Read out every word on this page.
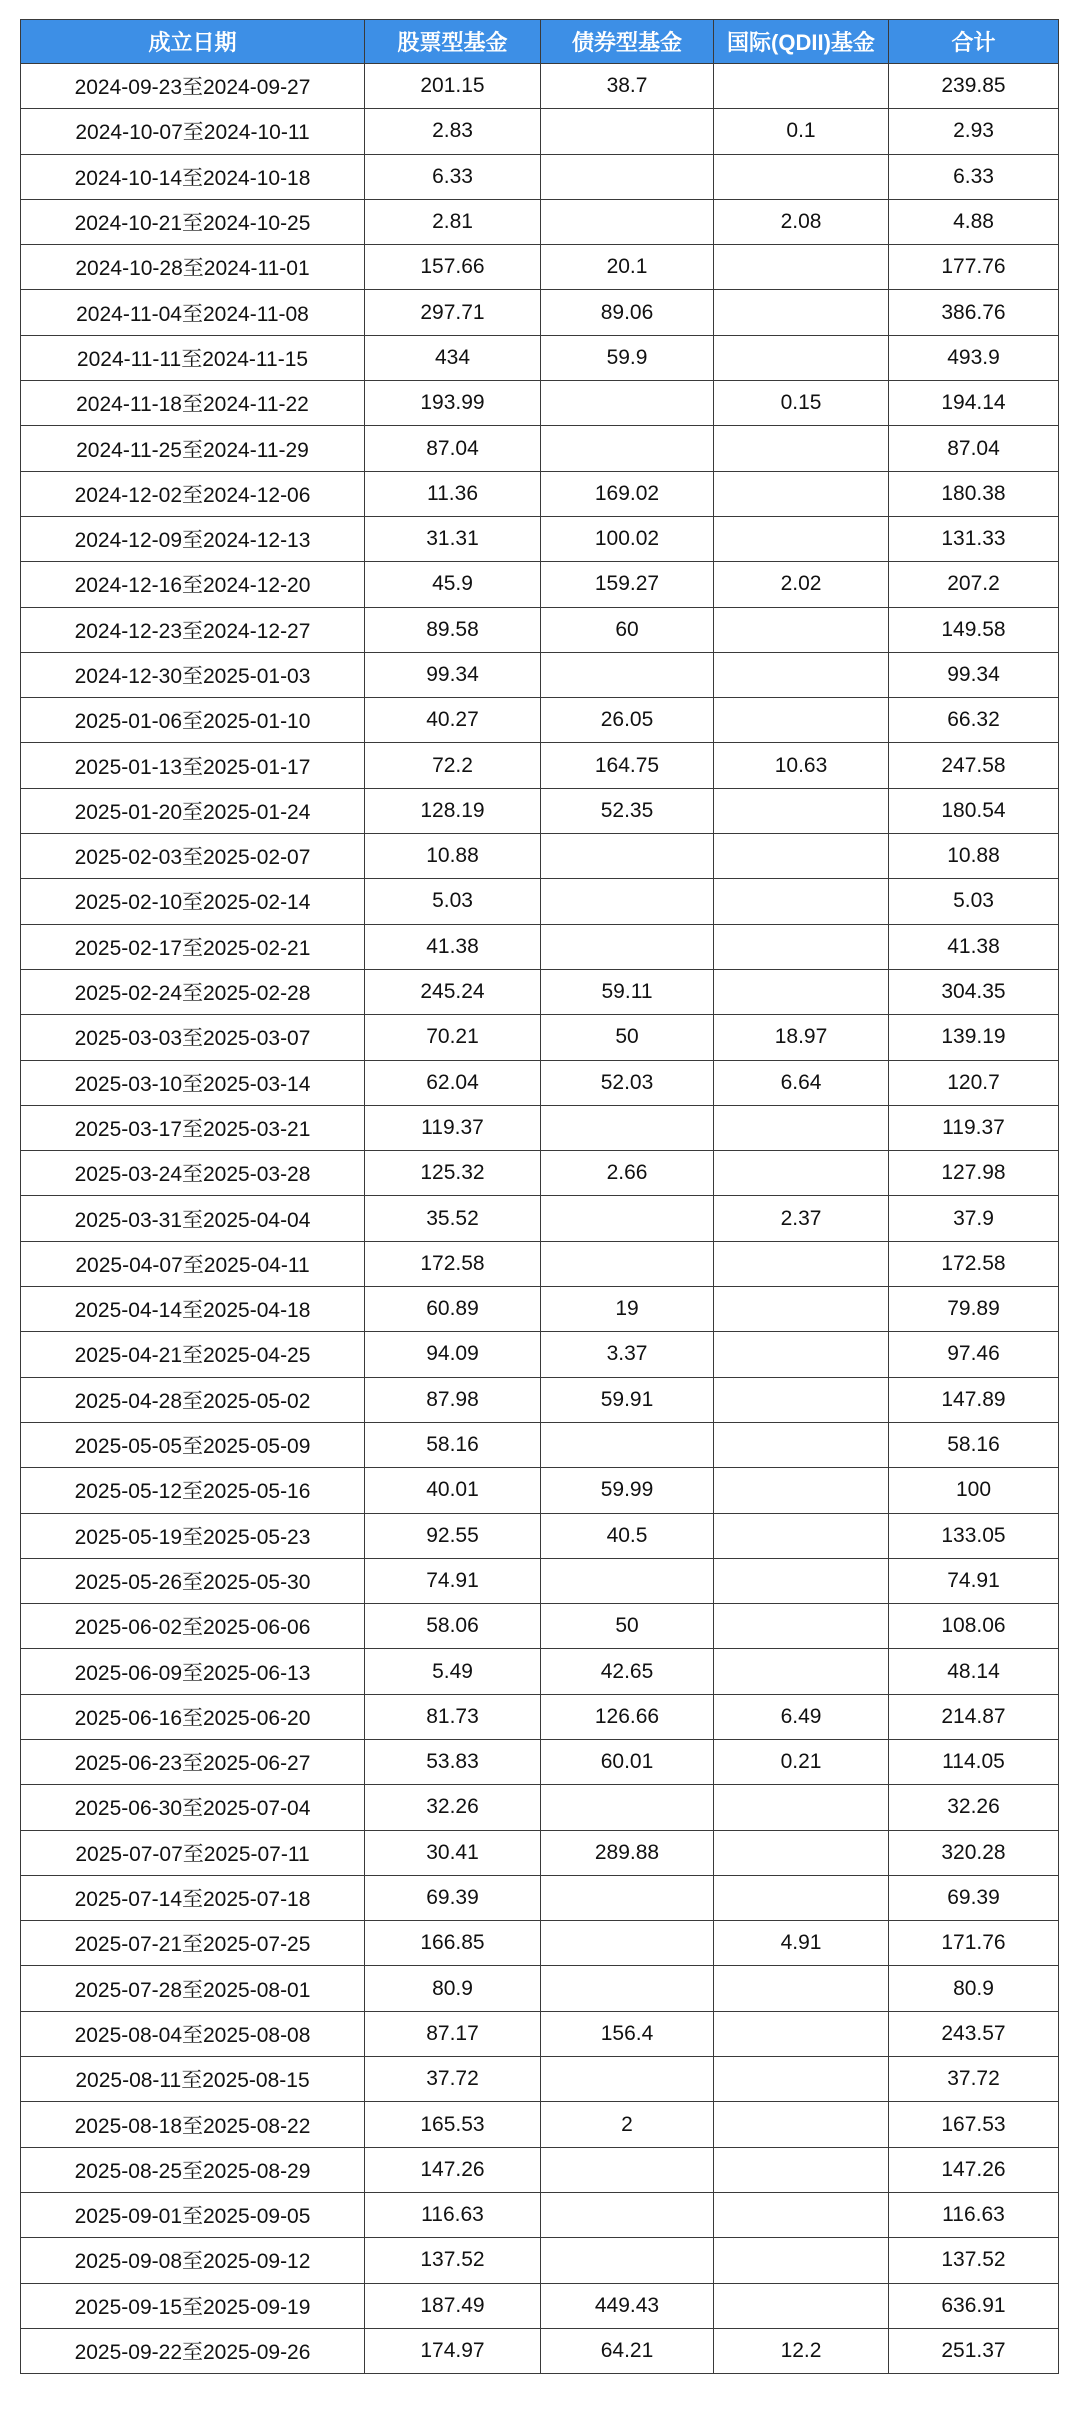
成立日期	股票型基金	债券型基金	国际(QDII)基金	合计
2024-09-23至2024-09-27	201.15	38.7		239.85
2024-10-07至2024-10-11	2.83		0.1	2.93
2024-10-14至2024-10-18	6.33			6.33
2024-10-21至2024-10-25	2.81		2.08	4.88
2024-10-28至2024-11-01	157.66	20.1		177.76
2024-11-04至2024-11-08	297.71	89.06		386.76
2024-11-11至2024-11-15	434	59.9		493.9
2024-11-18至2024-11-22	193.99		0.15	194.14
2024-11-25至2024-11-29	87.04			87.04
2024-12-02至2024-12-06	11.36	169.02		180.38
2024-12-09至2024-12-13	31.31	100.02		131.33
2024-12-16至2024-12-20	45.9	159.27	2.02	207.2
2024-12-23至2024-12-27	89.58	60		149.58
2024-12-30至2025-01-03	99.34			99.34
2025-01-06至2025-01-10	40.27	26.05		66.32
2025-01-13至2025-01-17	72.2	164.75	10.63	247.58
2025-01-20至2025-01-24	128.19	52.35		180.54
2025-02-03至2025-02-07	10.88			10.88
2025-02-10至2025-02-14	5.03			5.03
2025-02-17至2025-02-21	41.38			41.38
2025-02-24至2025-02-28	245.24	59.11		304.35
2025-03-03至2025-03-07	70.21	50	18.97	139.19
2025-03-10至2025-03-14	62.04	52.03	6.64	120.7
2025-03-17至2025-03-21	119.37			119.37
2025-03-24至2025-03-28	125.32	2.66		127.98
2025-03-31至2025-04-04	35.52		2.37	37.9
2025-04-07至2025-04-11	172.58			172.58
2025-04-14至2025-04-18	60.89	19		79.89
2025-04-21至2025-04-25	94.09	3.37		97.46
2025-04-28至2025-05-02	87.98	59.91		147.89
2025-05-05至2025-05-09	58.16			58.16
2025-05-12至2025-05-16	40.01	59.99		100
2025-05-19至2025-05-23	92.55	40.5		133.05
2025-05-26至2025-05-30	74.91			74.91
2025-06-02至2025-06-06	58.06	50		108.06
2025-06-09至2025-06-13	5.49	42.65		48.14
2025-06-16至2025-06-20	81.73	126.66	6.49	214.87
2025-06-23至2025-06-27	53.83	60.01	0.21	114.05
2025-06-30至2025-07-04	32.26			32.26
2025-07-07至2025-07-11	30.41	289.88		320.28
2025-07-14至2025-07-18	69.39			69.39
2025-07-21至2025-07-25	166.85		4.91	171.76
2025-07-28至2025-08-01	80.9			80.9
2025-08-04至2025-08-08	87.17	156.4		243.57
2025-08-11至2025-08-15	37.72			37.72
2025-08-18至2025-08-22	165.53	2		167.53
2025-08-25至2025-08-29	147.26			147.26
2025-09-01至2025-09-05	116.63			116.63
2025-09-08至2025-09-12	137.52			137.52
2025-09-15至2025-09-19	187.49	449.43		636.91
2025-09-22至2025-09-26	174.97	64.21	12.2	251.37
